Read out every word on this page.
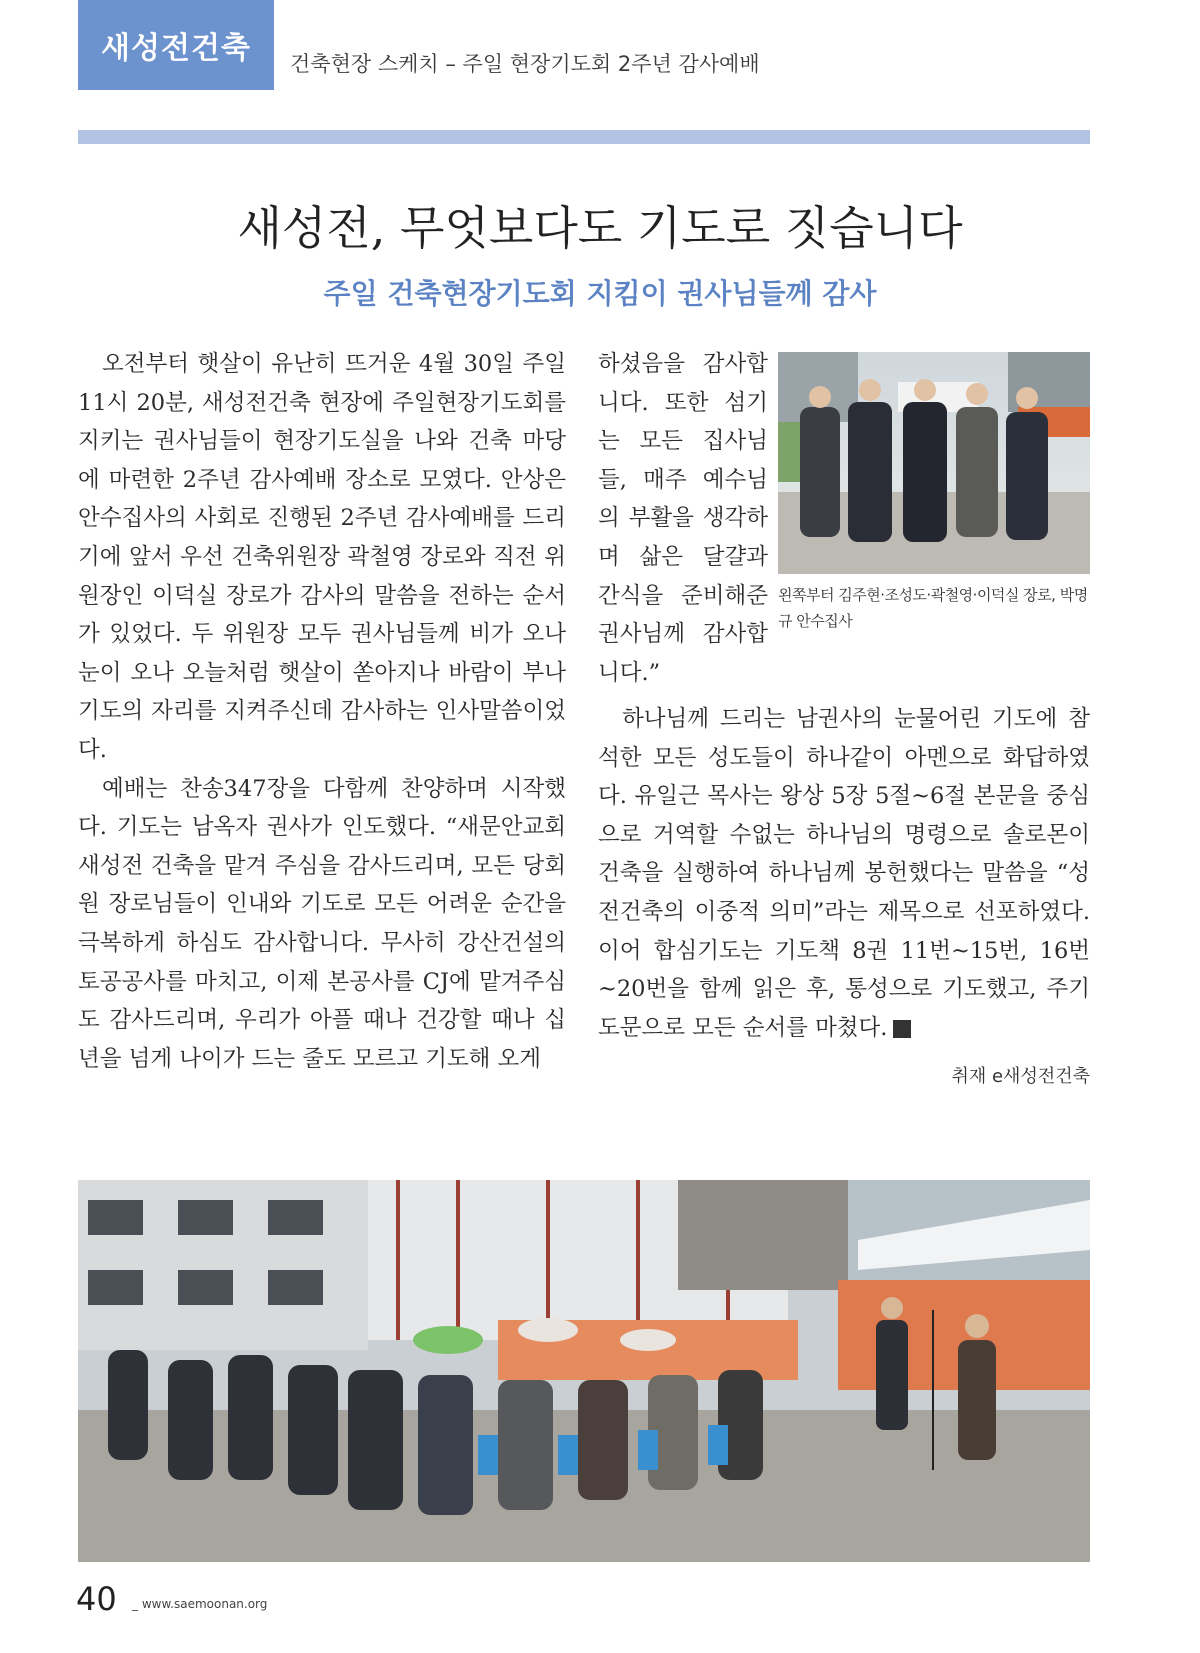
새성전건축	건축현장 스케치 – 주일 현장기도회 2주년 감사예배
새성전, 무엇보다도 기도로 짓습니다
주일 건축현장기도회 지킴이 권사님들께 감사

오전부터 햇살이 유난히 뜨거운 4월 30일 주일 11시 20분, 새성전건축 현장에 주일현장기도회를 지키는 권사님들이 현장기도실을 나와 건축 마당에 마련한 2주년 감사예배 장소로 모였다. 안상은 안수집사의 사회로 진행된 2주년 감사예배를 드리기에 앞서 우선 건축위원장 곽철영 장로와 직전 위원장인 이덕실 장로가 감사의 말씀을 전하는 순서가 있었다. 두 위원장 모두 권사님들께 비가 오나 눈이 오나 오늘처럼 햇살이 쏟아지나 바람이 부나 기도의 자리를 지켜주신데 감사하는 인사말씀이었다.

예배는 찬송347장을 다함께 찬양하며 시작했다. 기도는 남옥자 권사가 인도했다. “새문안교회 새성전 건축을 맡겨 주심을 감사드리며, 모든 당회원 장로님들이 인내와 기도로 모든 어려운 순간을 극복하게 하심도 감사합니다. 무사히 강산건설의 토공공사를 마치고, 이제 본공사를 CJ에 맡겨주심도 감사드리며, 우리가 아플 때나 건강할 때나 십년을 넘게 나이가 드는 줄도 모르고 기도해 오게

하셨음을 감사합니다. 또한 섬기는 모든 집사님들, 매주 예수님의 부활을 생각하며 삶은 달걀과 간식을 준비해준 권사님께 감사합니다.”

왼쪽부터 김주현·조성도·곽철영·이덕실 장로, 박명규 안수집사

하나님께 드리는 남권사의 눈물어린 기도에 참석한 모든 성도들이 하나같이 아멘으로 화답하였다. 유일근 목사는 왕상 5장 5절~6절 본문을 중심으로 거역할 수없는 하나님의 명령으로 솔로몬이 건축을 실행하여 하나님께 봉헌했다는 말씀을 “성전건축의 이중적 의미”라는 제목으로 선포하였다. 이어 합심기도는 기도책 8권 11번~15번, 16번~20번을 함께 읽은 후, 통성으로 기도했고, 주기도문으로 모든 순서를 마쳤다. 새

취재 e새성전건축
40 _ www.saemoonan.org
